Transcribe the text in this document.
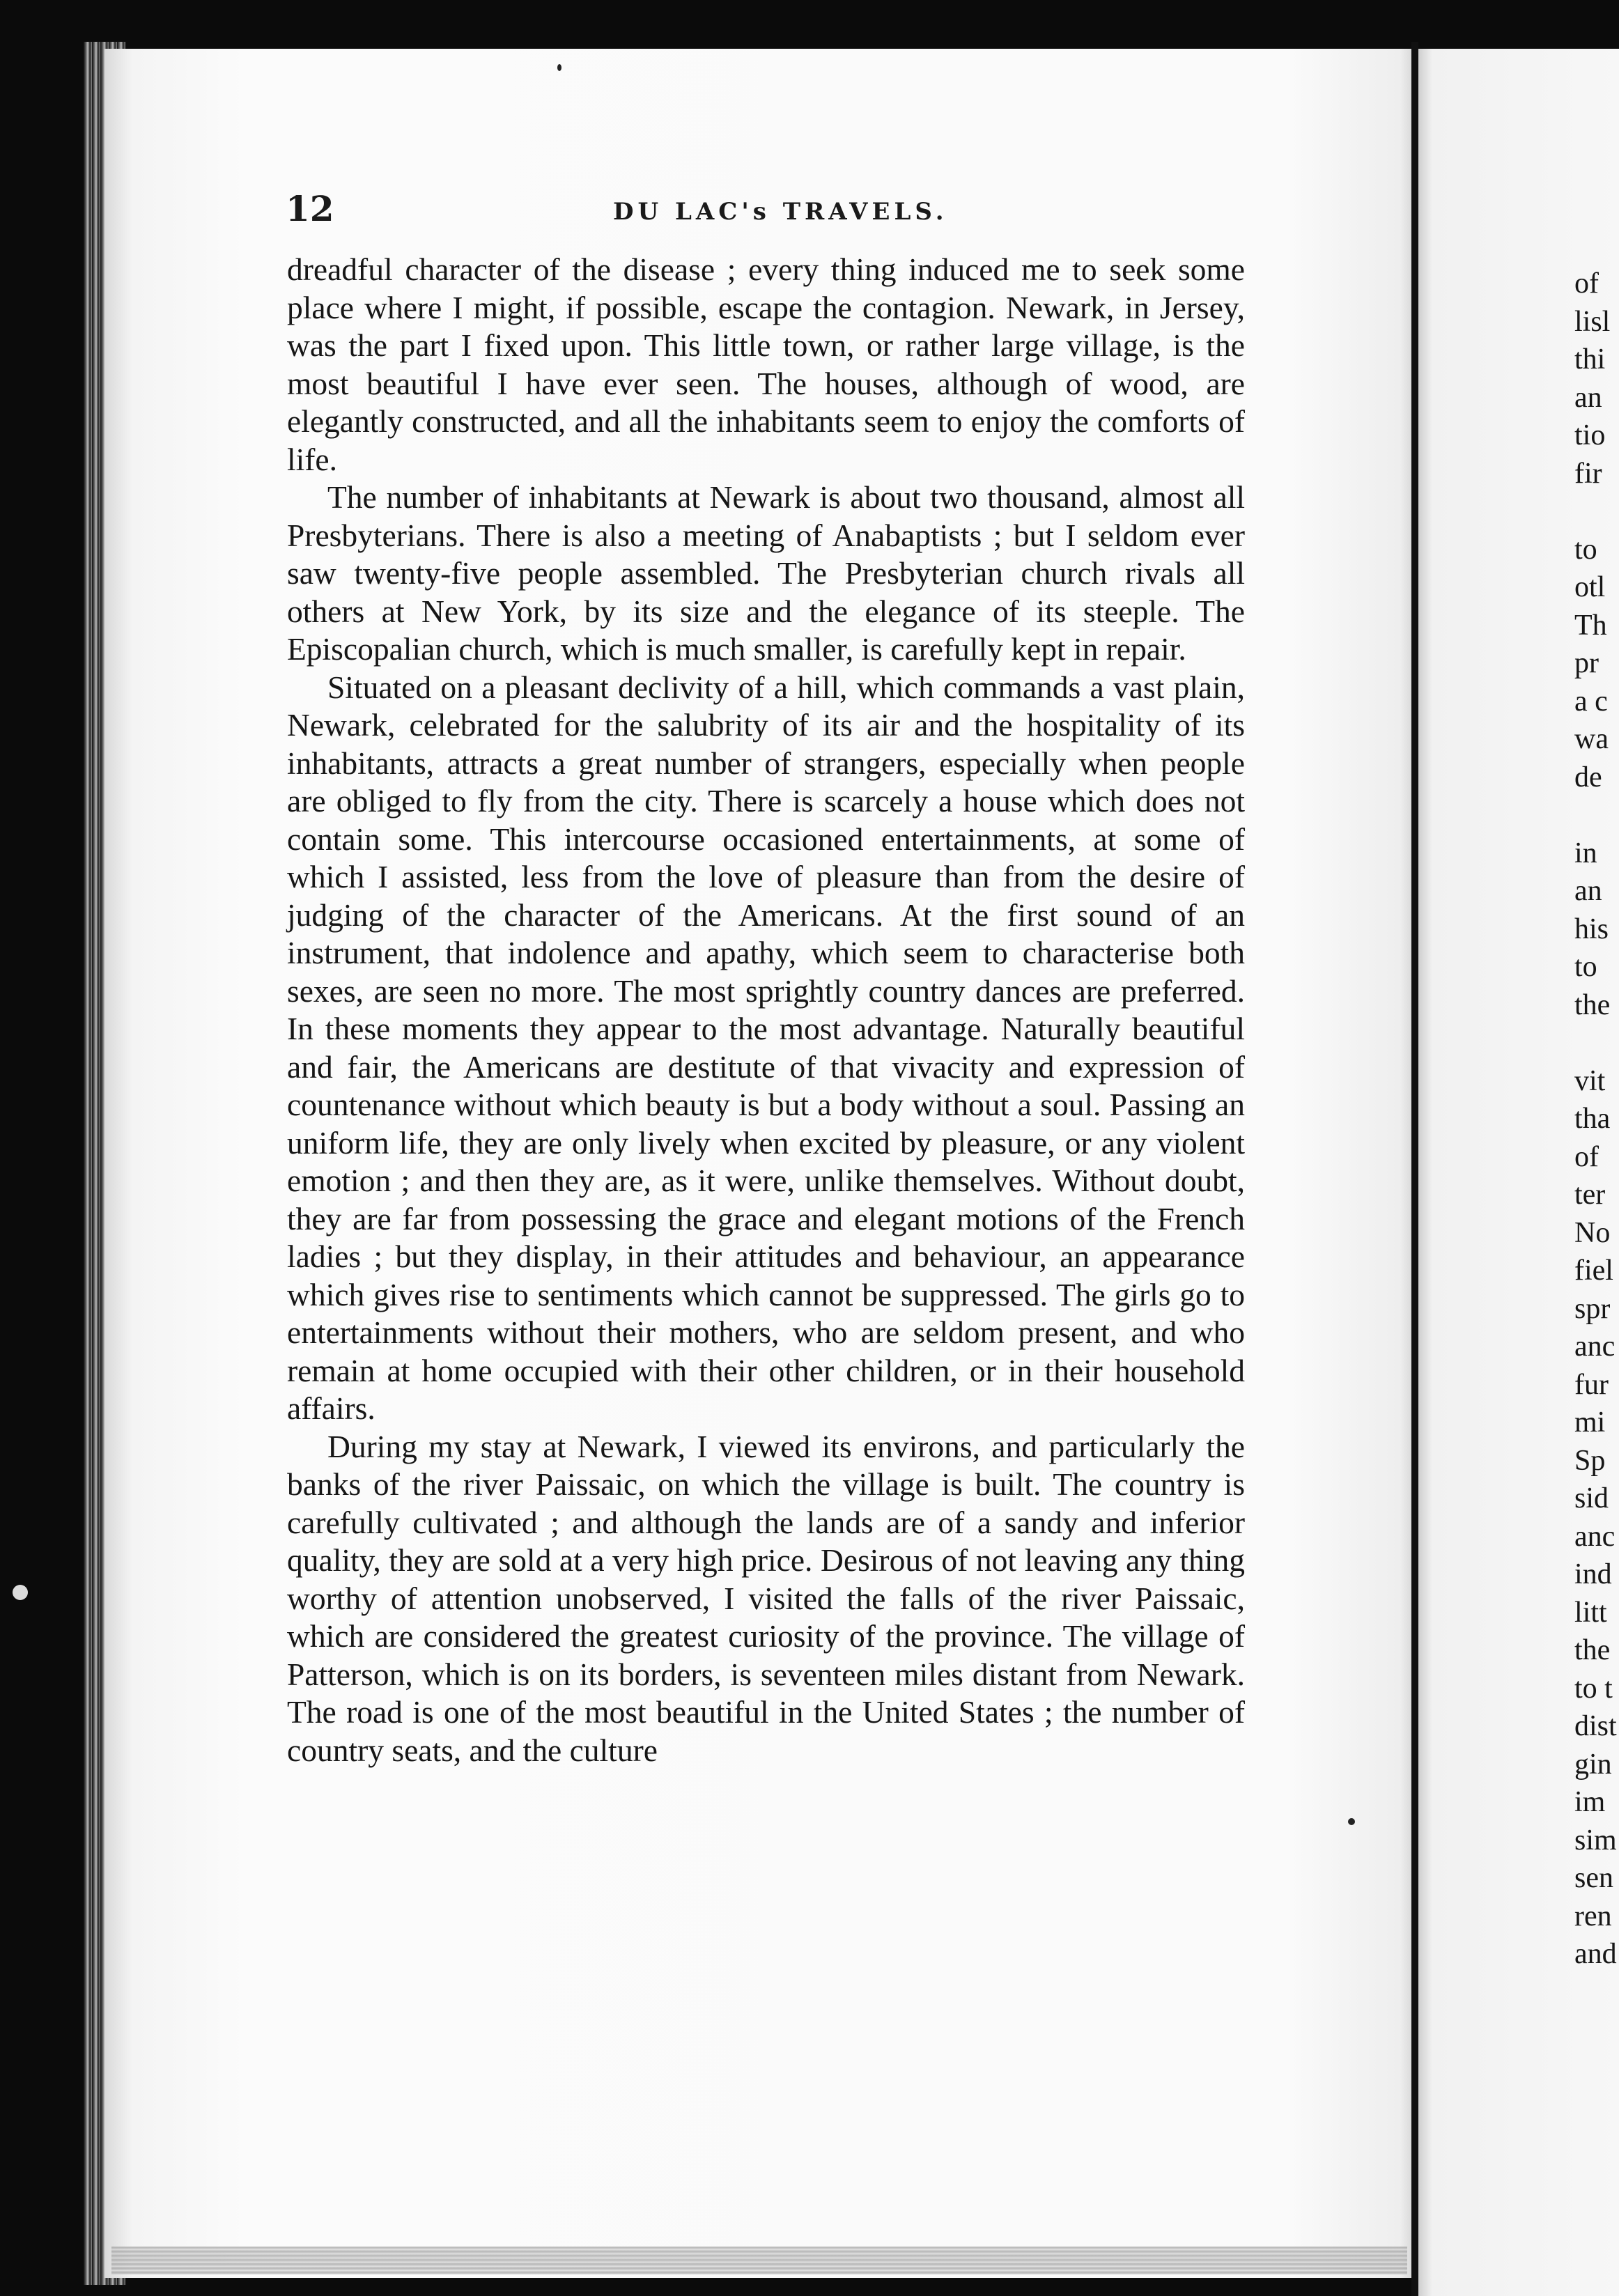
12	DU LAC's TRAVELS.

dreadful character of the disease ; every thing induced me to seek some place where I might, if possible, escape the contagion. Newark, in Jersey, was the part I fixed upon. This little town, or rather large village, is the most beautiful I have ever seen. The houses, although of wood, are elegantly constructed, and all the inhabitants seem to enjoy the comforts of life.

The number of inhabitants at Newark is about two thousand, almost all Presbyterians. There is also a meeting of Anabaptists ; but I seldom ever saw twenty-five people assembled. The Presbyterian church rivals all others at New York, by its size and the elegance of its steeple. The Episcopalian church, which is much smaller, is carefully kept in repair.

Situated on a pleasant declivity of a hill, which commands a vast plain, Newark, celebrated for the salubrity of its air and the hospitality of its inhabitants, attracts a great number of strangers, especially when people are obliged to fly from the city. There is scarcely a house which does not contain some. This intercourse occasioned entertainments, at some of which I assisted, less from the love of pleasure than from the desire of judging of the character of the Americans. At the first sound of an instrument, that indolence and apathy, which seem to characterise both sexes, are seen no more. The most sprightly country dances are preferred. In these moments they appear to the most advantage. Naturally beautiful and fair, the Americans are destitute of that vivacity and expression of countenance without which beauty is but a body without a soul. Passing an uniform life, they are only lively when excited by pleasure, or any violent emotion ; and then they are, as it were, unlike themselves. Without doubt, they are far from possessing the grace and elegant motions of the French ladies ; but they display, in their attitudes and behaviour, an appearance which gives rise to sentiments which cannot be suppressed. The girls go to entertainments without their mothers, who are seldom present, and who remain at home occupied with their other children, or in their household affairs.

During my stay at Newark, I viewed its environs, and particularly the banks of the river Paissaic, on which the village is built. The country is carefully cultivated ; and although the lands are of a sandy and inferior quality, they are sold at a very high price. Desirous of not leaving any thing worthy of attention unobserved, I visited the falls of the river Paissaic, which are considered the greatest curiosity of the province. The village of Patterson, which is on its borders, is seventeen miles distant from Newark. The road is one of the most beautiful in the United States ; the number of country seats, and the culture

of
lisl
thi
an
tio
fir
to
otl
Th
pr
a c
wa
de
in
an
his
to
the
vit
tha
of
ter
No
fiel
spr
anc
fur
mi
Sp
sid
anc
ind
litt
the
to t
dist
gin
im
sim
sen
ren
and
